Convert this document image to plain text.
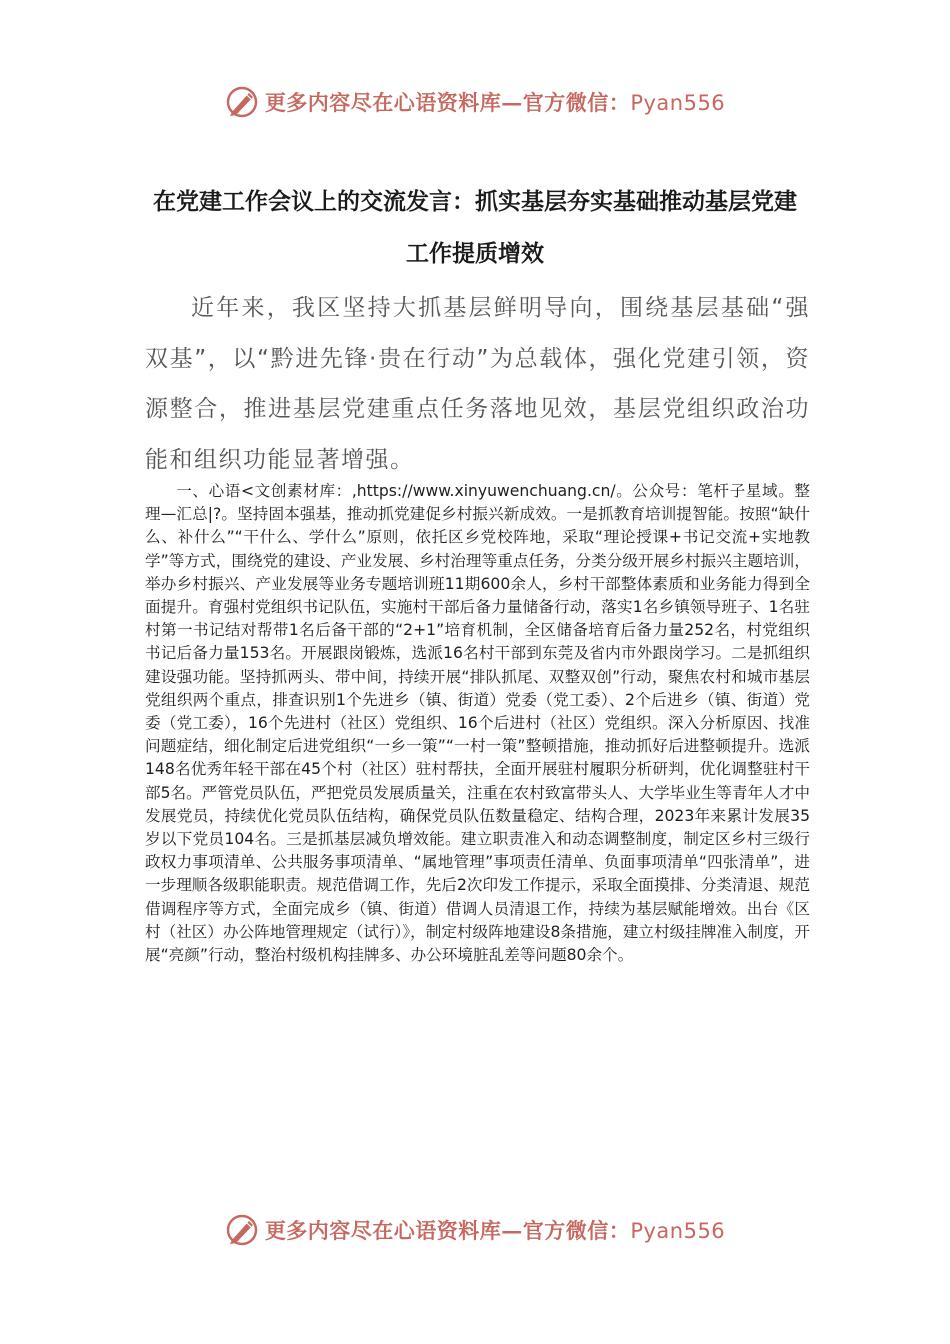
更多内容尽在心语资料库—官方微信：Pyan556
在党建工作会议上的交流发言：抓实基层夯实基础推动基层党建工作提质增效

近年来，我区坚持大抓基层鲜明导向，围绕基层基础“强双基”，以“黔进先锋·贵在行动”为总载体，强化党建引领，资源整合，推进基层党建重点任务落地见效，基层党组织政治功能和组织功能显著增强。

一、心语<文创素材库：,https://www.xinyuwenchuang.cn/。公众号：笔杆子星域。整理—汇总|?。坚持固本强基，推动抓党建促乡村振兴新成效。一是抓教育培训提智能。按照“缺什么、补什么”“干什么、学什么”原则，依托区乡党校阵地，采取“理论授课+书记交流+实地教学”等方式，围绕党的建设、产业发展、乡村治理等重点任务，分类分级开展乡村振兴主题培训，举办乡村振兴、产业发展等业务专题培训班11期600余人，乡村干部整体素质和业务能力得到全面提升。育强村党组织书记队伍，实施村干部后备力量储备行动，落实1名乡镇领导班子、1名驻村第一书记结对帮带1名后备干部的“2+1”培育机制，全区储备培育后备力量252名，村党组织书记后备力量153名。开展跟岗锻炼，选派16名村干部到东莞及省内市外跟岗学习。二是抓组织建设强功能。坚持抓两头、带中间，持续开展“排队抓尾、双整双创”行动，聚焦农村和城市基层党组织两个重点，排查识别1个先进乡（镇、街道）党委（党工委）、2个后进乡（镇、街道）党委（党工委），16个先进村（社区）党组织、16个后进村（社区）党组织。深入分析原因、找准问题症结，细化制定后进党组织“一乡一策”“一村一策”整顿措施，推动抓好后进整顿提升。选派148名优秀年轻干部在45个村（社区）驻村帮扶，全面开展驻村履职分析研判，优化调整驻村干部5名。严管党员队伍，严把党员发展质量关，注重在农村致富带头人、大学毕业生等青年人才中发展党员，持续优化党员队伍结构，确保党员队伍数量稳定、结构合理，2023年来累计发展35岁以下党员104名。三是抓基层减负增效能。建立职责准入和动态调整制度，制定区乡村三级行政权力事项清单、公共服务事项清单、“属地管理”事项责任清单、负面事项清单“四张清单”，进一步理顺各级职能职责。规范借调工作，先后2次印发工作提示，采取全面摸排、分类清退、规范借调程序等方式，全面完成乡（镇、街道）借调人员清退工作，持续为基层赋能增效。出台《区村（社区）办公阵地管理规定（试行）》，制定村级阵地建设8条措施，建立村级挂牌准入制度，开展“亮颜”行动，整治村级机构挂牌多、办公环境脏乱差等问题80余个。

更多内容尽在心语资料库—官方微信：Pyan556
